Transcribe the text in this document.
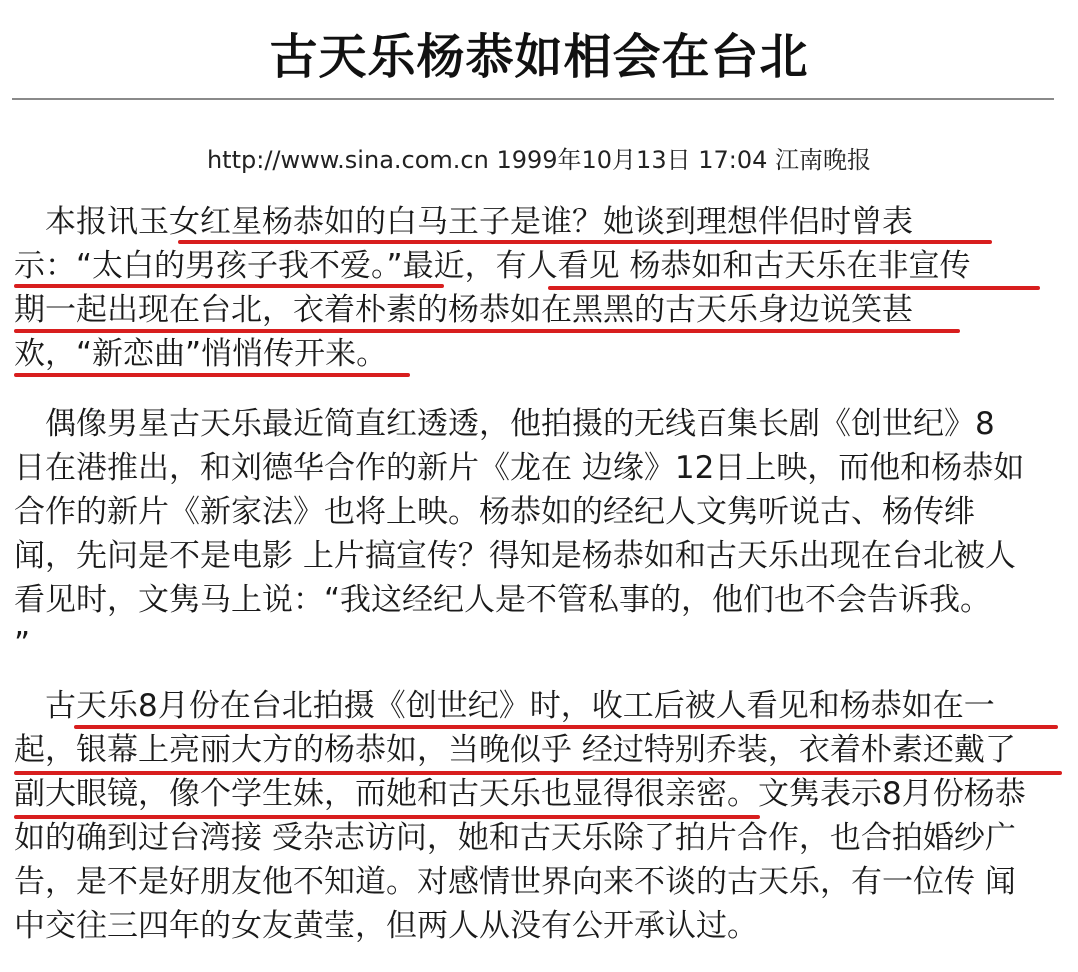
古天乐杨恭如相会在台北
http://www.sina.com.cn 1999年10月13日 17:04 江南晚报
　本报讯玉女红星杨恭如的白马王子是谁？她谈到理想伴侣时曾表
示：“太白的男孩子我不爱。”最近，有人看见 杨恭如和古天乐在非宣传
期一起出现在台北，衣着朴素的杨恭如在黑黑的古天乐身边说笑甚
欢，“新恋曲”悄悄传开来。
　偶像男星古天乐最近简直红透透，他拍摄的无线百集长剧《创世纪》8
日在港推出，和刘德华合作的新片《龙在 边缘》12日上映，而他和杨恭如
合作的新片《新家法》也将上映。杨恭如的经纪人文隽听说古、杨传绯
闻，先问是不是电影 上片搞宣传？得知是杨恭如和古天乐出现在台北被人
看见时，文隽马上说：“我这经纪人是不管私事的，他们也不会告诉我。
”
　古天乐8月份在台北拍摄《创世纪》时，收工后被人看见和杨恭如在一
起，银幕上亮丽大方的杨恭如，当晚似乎 经过特别乔装，衣着朴素还戴了
副大眼镜，像个学生妹，而她和古天乐也显得很亲密。文隽表示8月份杨恭
如的确到过台湾接 受杂志访问，她和古天乐除了拍片合作，也合拍婚纱广
告，是不是好朋友他不知道。对感情世界向来不谈的古天乐，有一位传 闻
中交往三四年的女友黄莹，但两人从没有公开承认过。
